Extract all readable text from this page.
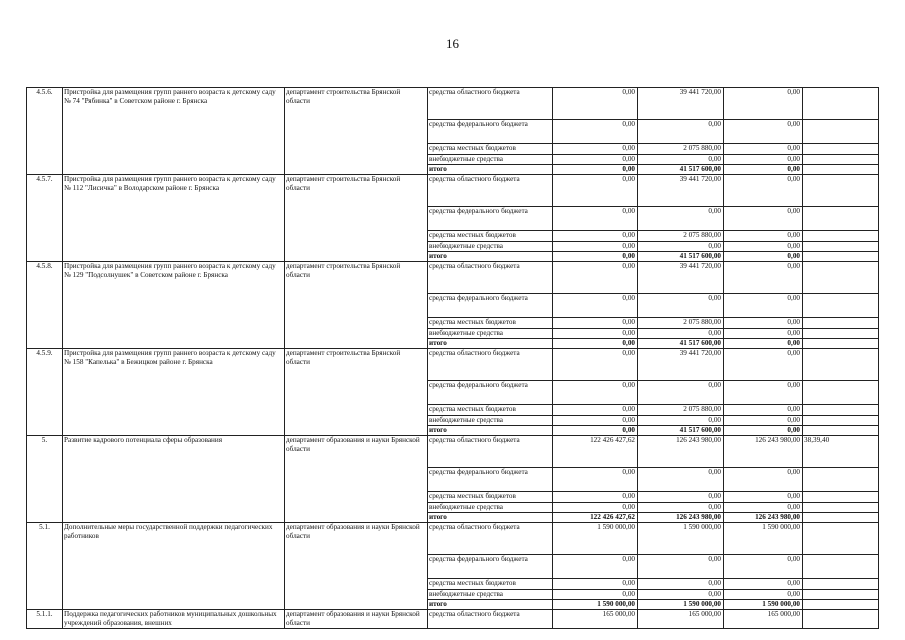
16
4.5.6.	Пристройка для размещения групп раннего возраста к детскому саду № 74 "Рябинка" в Советском районе г. Брянска	департамент строительства Брянской области	средства областного бюджета	0,00	39 441 720,00	0,00	
			средства федерального бюджета	0,00	0,00	0,00	
			средства местных бюджетов	0,00	2 075 880,00	0,00	
			внебюджетные средства	0,00	0,00	0,00	
			итого	0,00	41 517 600,00	0,00	
4.5.7.	Пристройка для размещения групп раннего возраста к детскому саду № 112 "Лисичка" в Володарском районе г. Брянска	департамент строительства Брянской области	средства областного бюджета	0,00	39 441 720,00	0,00	
			средства федерального бюджета	0,00	0,00	0,00	
			средства местных бюджетов	0,00	2 075 880,00	0,00	
			внебюджетные средства	0,00	0,00	0,00	
			итого	0,00	41 517 600,00	0,00	
4.5.8.	Пристройка для размещения групп раннего возраста к детскому саду № 129 "Подсолнушек" в Советском районе г. Брянска	департамент строительства Брянской области	средства областного бюджета	0,00	39 441 720,00	0,00	
			средства федерального бюджета	0,00	0,00	0,00	
			средства местных бюджетов	0,00	2 075 880,00	0,00	
			внебюджетные средства	0,00	0,00	0,00	
			итого	0,00	41 517 600,00	0,00	
4.5.9.	Пристройка для размещения групп раннего возраста к детскому саду № 158 "Капелька" в Бежицком районе г. Брянска	департамент строительства Брянской области	средства областного бюджета	0,00	39 441 720,00	0,00	
			средства федерального бюджета	0,00	0,00	0,00	
			средства местных бюджетов	0,00	2 075 880,00	0,00	
			внебюджетные средства	0,00	0,00	0,00	
			итого	0,00	41 517 600,00	0,00	
5.	Развитие кадрового потенциала сферы образования	департамент образования и науки Брянской области	средства областного бюджета	122 426 427,62	126 243 980,00	126 243 980,00	38,39,40
			средства федерального бюджета	0,00	0,00	0,00	
			средства местных бюджетов	0,00	0,00	0,00	
			внебюджетные средства	0,00	0,00	0,00	
			итого	122 426 427,62	126 243 980,00	126 243 980,00	
5.1.	Дополнительные меры государственной поддержки педагогических работников	департамент образования и науки Брянской области	средства областного бюджета	1 590 000,00	1 590 000,00	1 590 000,00	
			средства федерального бюджета	0,00	0,00	0,00	
			средства местных бюджетов	0,00	0,00	0,00	
			внебюджетные средства	0,00	0,00	0,00	
			итого	1 590 000,00	1 590 000,00	1 590 000,00	
5.1.1.	Поддержка педагогических работников муниципальных дошкольных учреждений образования, внешних	департамент образования и науки Брянской области	средства областного бюджета	165 000,00	165 000,00	165 000,00	
